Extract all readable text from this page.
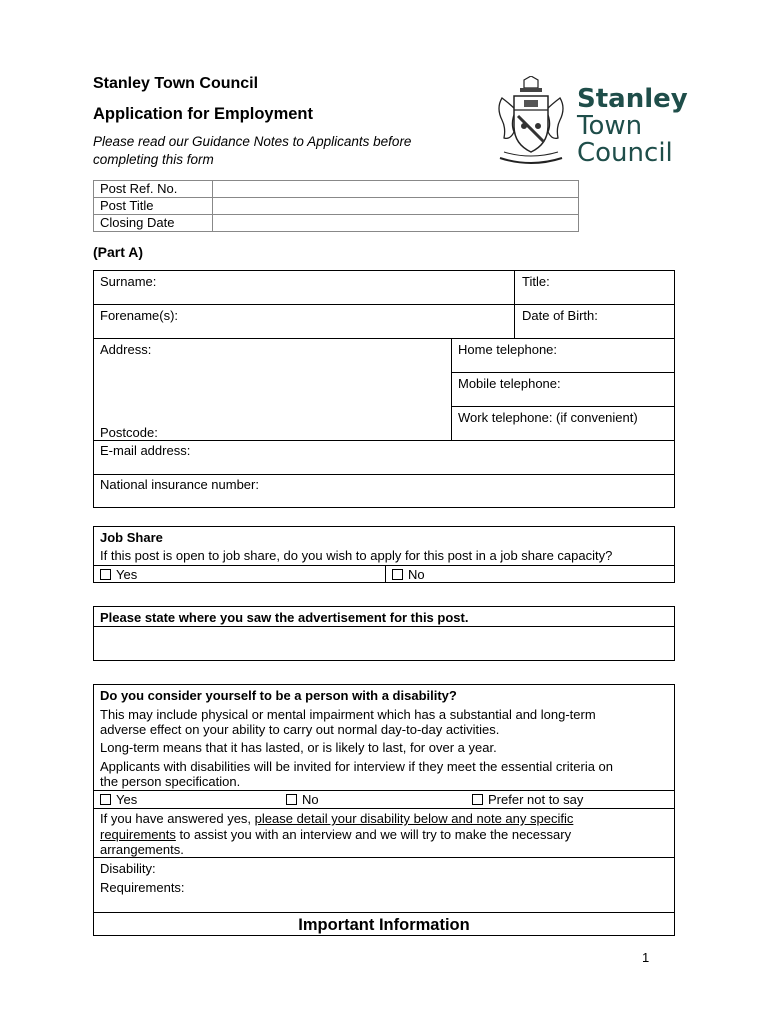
Stanley Town Council
Application for Employment
Please read our Guidance Notes to Applicants before
completing this form
Stanley
Town
Council
Post Ref. No.	
Post Title	
Closing Date	
(Part A)
Surname:	Title:
Forename(s):	Date of Birth:
Address:
Postcode:
Home telephone:
Mobile telephone:
Work telephone: (if convenient)
E-mail address:
National insurance number:
Job Share
If this post is open to job share, do you wish to apply for this post in a job share capacity?
Yes	No
Please state where you saw the advertisement for this post.
Do you consider yourself to be a person with a disability?
This may include physical or mental impairment which has a substantial and long-term
adverse effect on your ability to carry out normal day-to-day activities.
Long-term means that it has lasted, or is likely to last, for over a year.
Applicants with disabilities will be invited for interview if they meet the essential criteria on
the person specification.
Yes	No	Prefer not to say
If you have answered yes, please detail your disability below and note any specific
requirements to assist you with an interview and we will try to make the necessary
arrangements.
Disability:
Requirements:
Important Information
1
